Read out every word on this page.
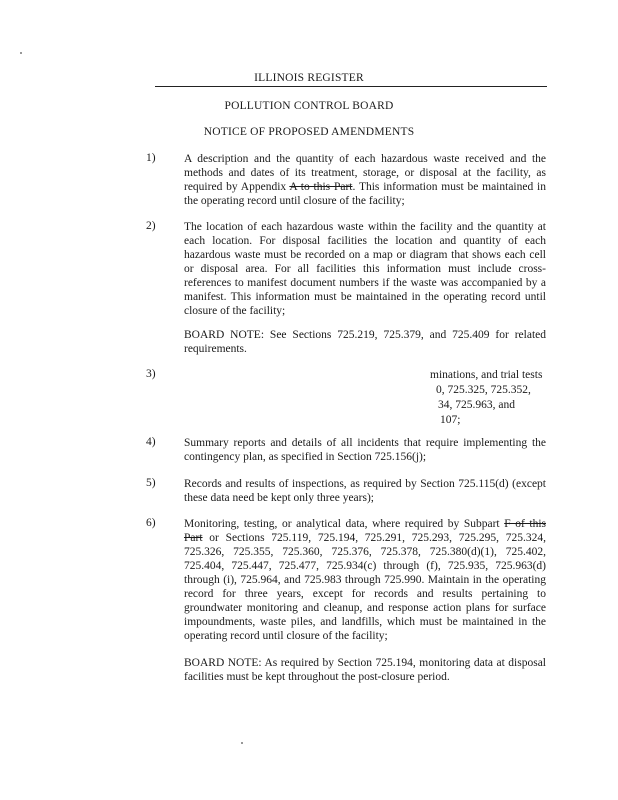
ILLINOIS REGISTER
POLLUTION CONTROL BOARD
NOTICE OF PROPOSED AMENDMENTS
1) A description and the quantity of each hazardous waste received and the methods and dates of its treatment, storage, or disposal at the facility, as required by Appendix A to this Part. This information must be maintained in the operating record until closure of the facility;
2) The location of each hazardous waste within the facility and the quantity at each location. For disposal facilities the location and quantity of each hazardous waste must be recorded on a map or diagram that shows each cell or disposal area. For all facilities this information must include cross-references to manifest document numbers if the waste was accompanied by a manifest. This information must be maintained in the operating record until closure of the facility;
BOARD NOTE: See Sections 725.219, 725.379, and 725.409 for related requirements.
3)	minations, and trial tests
0, 725.325, 725.352,
34, 725.963, and
107;
4) Summary reports and details of all incidents that require implementing the contingency plan, as specified in Section 725.156(j);
5) Records and results of inspections, as required by Section 725.115(d) (except these data need be kept only three years);
6) Monitoring, testing, or analytical data, where required by Subpart F of this Part or Sections 725.119, 725.194, 725.291, 725.293, 725.295, 725.324, 725.326, 725.355, 725.360, 725.376, 725.378, 725.380(d)(1), 725.402, 725.404, 725.447, 725.477, 725.934(c) through (f), 725.935, 725.963(d) through (i), 725.964, and 725.983 through 725.990. Maintain in the operating record for three years, except for records and results pertaining to groundwater monitoring and cleanup, and response action plans for surface impoundments, waste piles, and landfills, which must be maintained in the operating record until closure of the facility;
BOARD NOTE: As required by Section 725.194, monitoring data at disposal facilities must be kept throughout the post-closure period.
